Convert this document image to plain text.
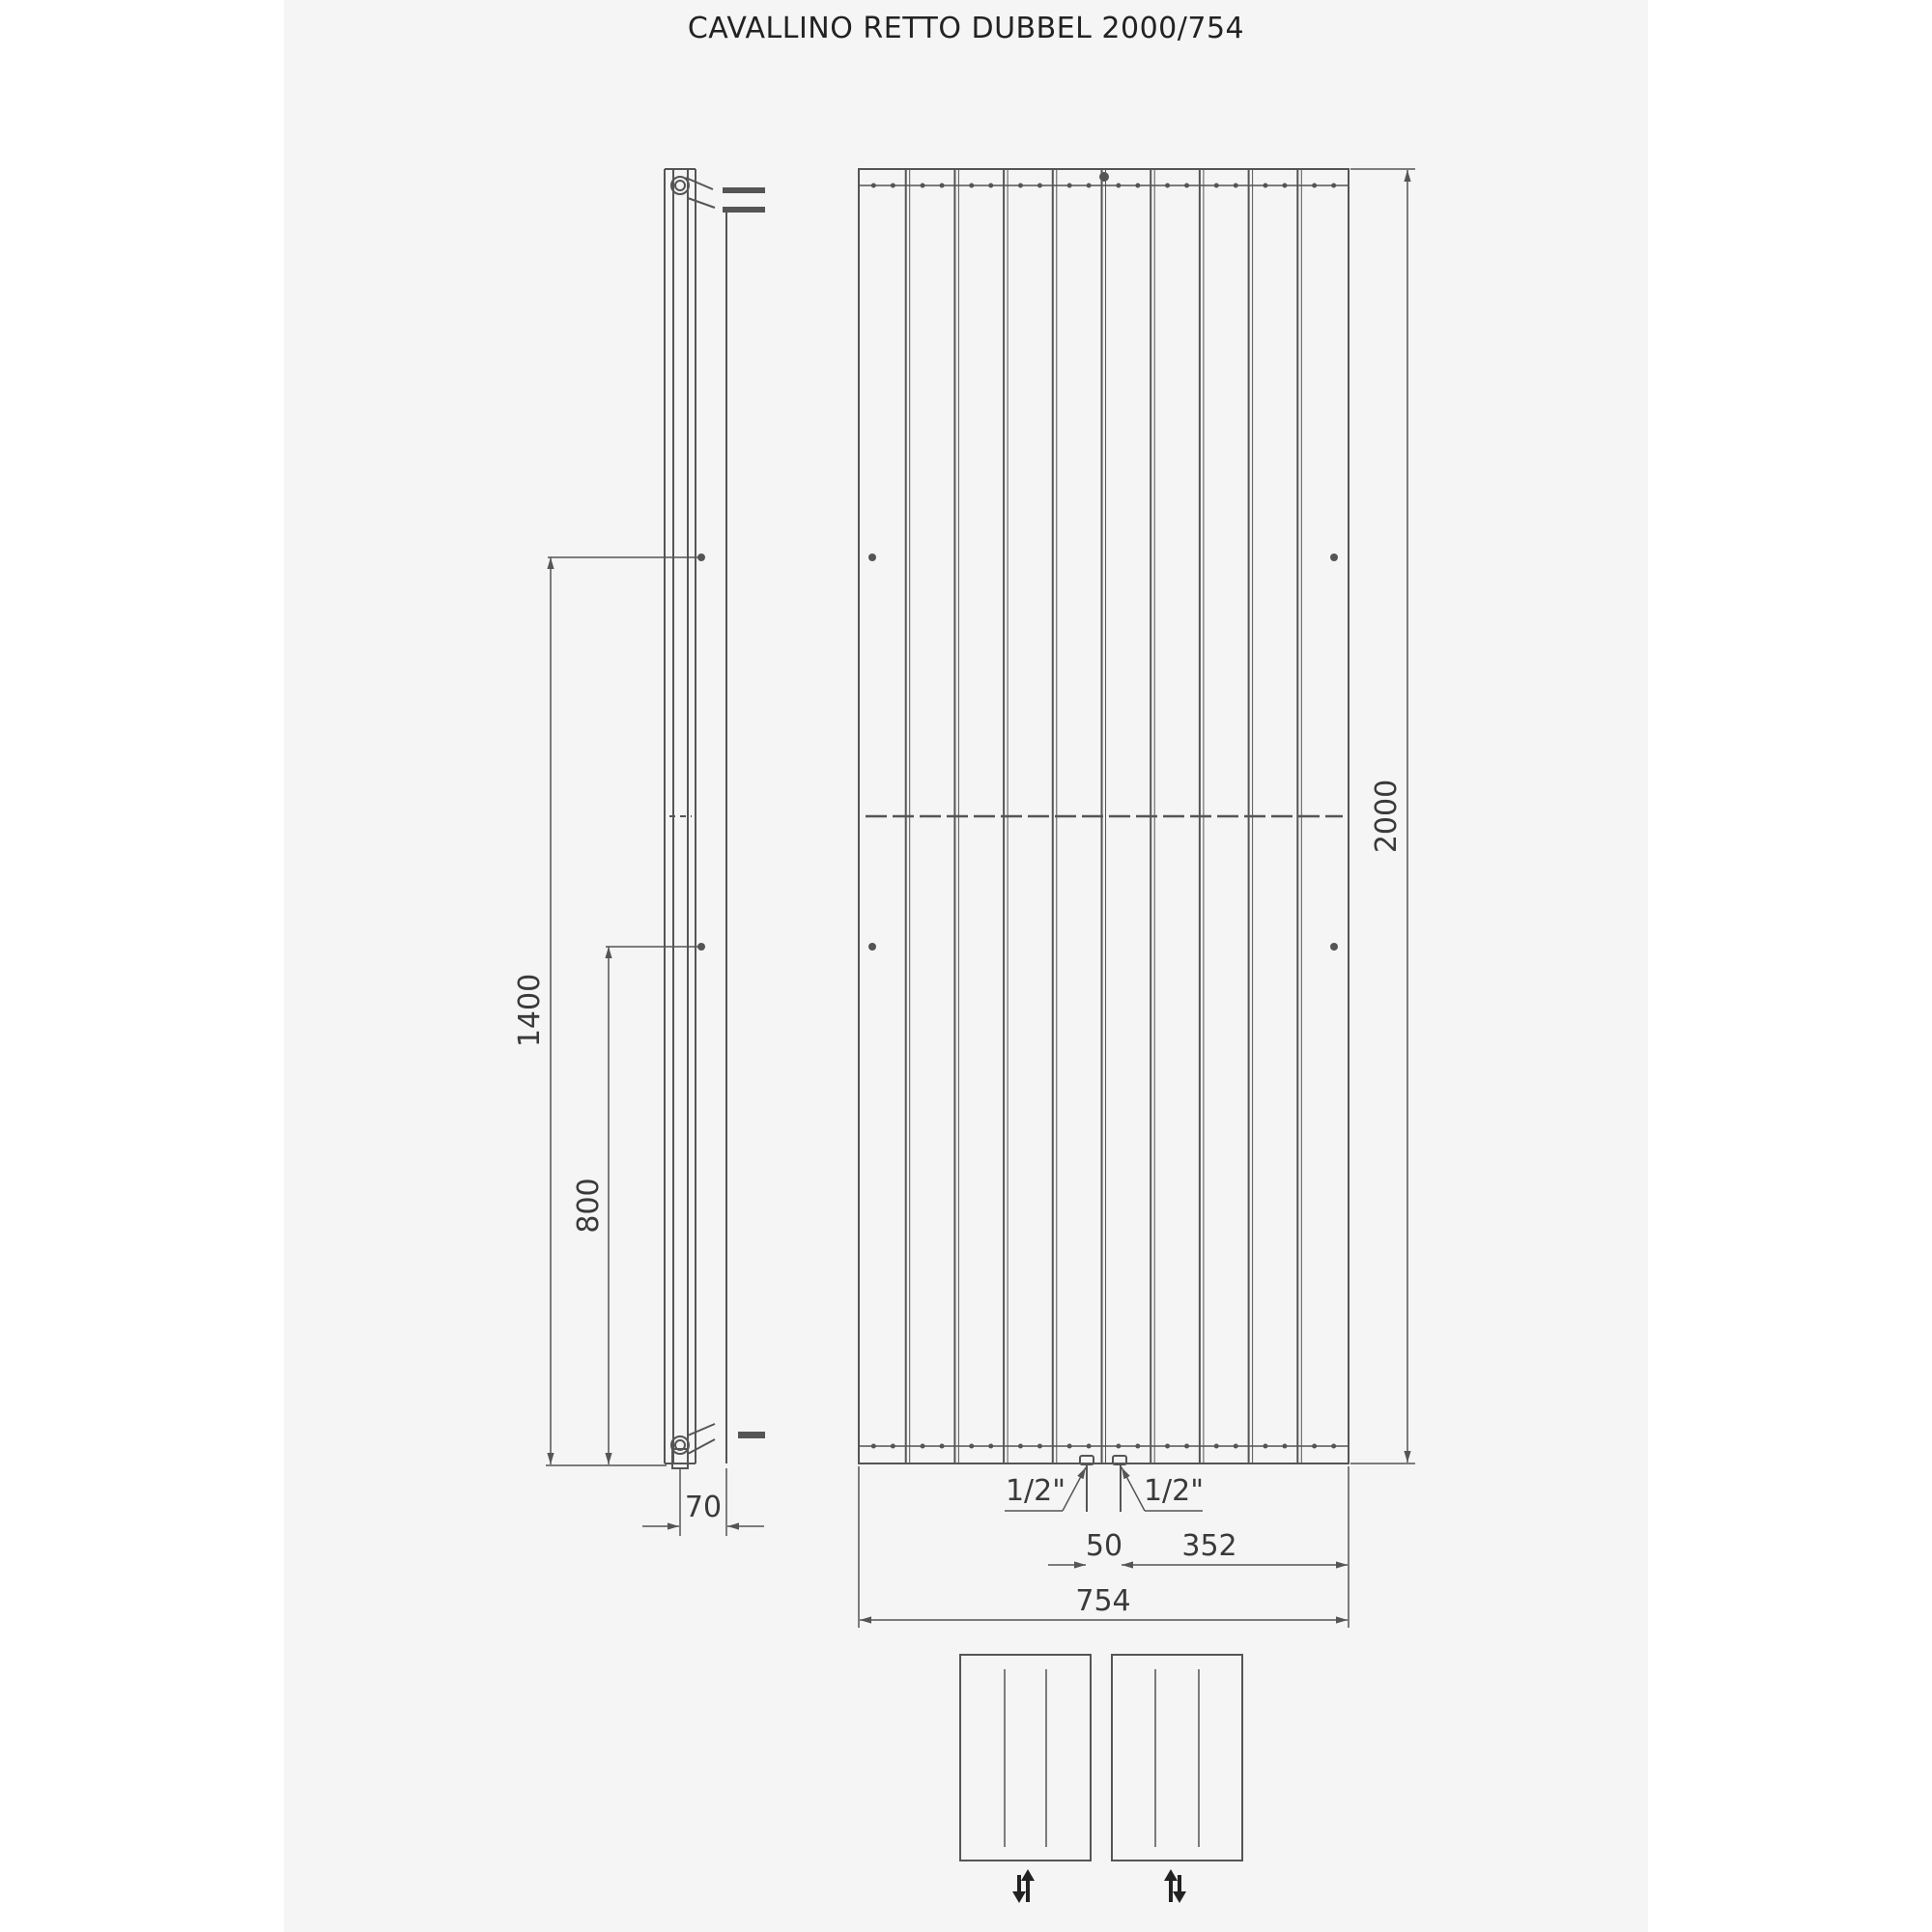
CAVALLINO RETTO DUBBEL 2000/754
2000
1400
800
70
754
50 352
1/2"	1/2"
